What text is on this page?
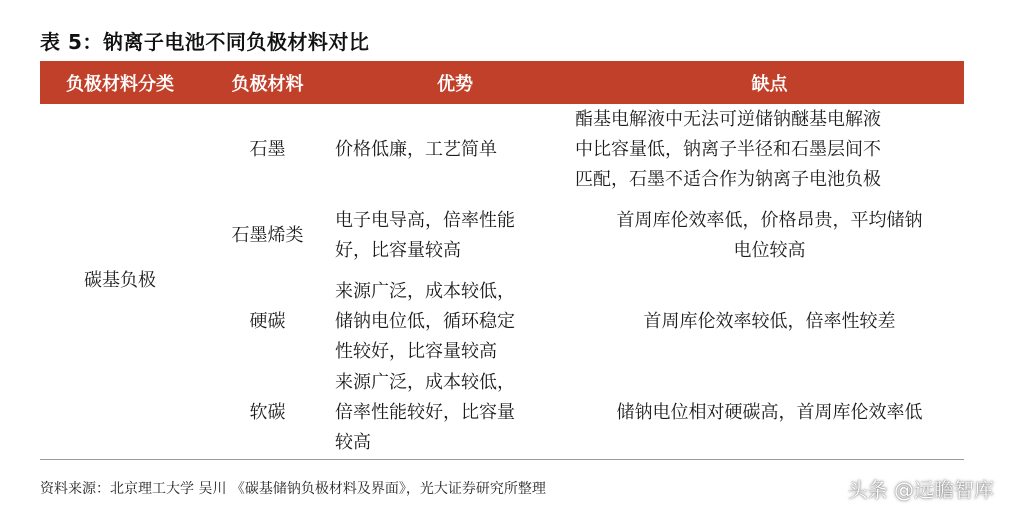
表 5：钠离子电池不同负极材料对比
负极材料分类	负极材料	优势	缺点
碳基负极	石墨	价格低廉，工艺简单	酯基电解液中无法可逆储钠醚基电解液
中比容量低，钠离子半径和石墨层间不
匹配，石墨不适合作为钠离子电池负极

	石墨烯类	电子电导高，倍率性能
好，比容量较高	首周库伦效率低，价格昂贵，平均储钠
电位较高

	硬碳	来源广泛，成本较低，
储钠电位低，循环稳定
性较好，比容量较高	首周库伦效率较低，倍率性较差

	软碳	来源广泛，成本较低，
倍率性能较好，比容量
较高	储钠电位相对硬碳高，首周库伦效率低
资料来源：北京理工大学 吴川 《碳基储钠负极材料及界面》，光大证券研究所整理	头条 @远瞻智库
